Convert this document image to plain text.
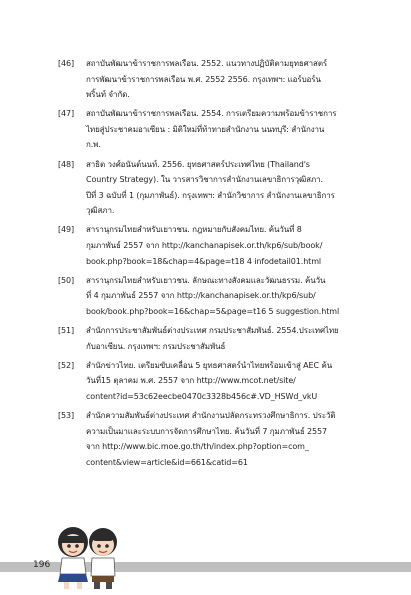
[46]	สถาบันพัฒนาข้าราชการพลเรือน. 2552. แนวทางปฏิบัติตามยุทธศาสตร์
การพัฒนาข้าราชการพลเรือน พ.ศ. 2552 2556. กรุงเทพฯ: แอร์บอร์น
พริ้นท์ จำกัด.
[47]	สถาบันพัฒนาข้าราชการพลเรือน. 2554. การเตรียมความพร้อมข้าราชการ
ไทยสู่ประชาคมอาเซียน : มิติใหม่ที่ท้าทายสำนักงาน นนทบุรี: สำนักงาน
ก.พ.
[48]	สาธิต วงศ์อนันต์นนท์. 2556. ยุทธศาสตร์ประเทศไทย (Thailand's
Country Strategy). ใน วารสารวิชาการสำนักงานเลขาธิการวุฒิสภา.
ปีที่ 3 ฉบับที่ 1 (กุมภาพันธ์). กรุงเทพฯ: สำนักวิชาการ สำนักงานเลขาธิการ
วุฒิสภา.
[49]	สารานุกรมไทยสำหรับเยาวชน. กฎหมายกับสังคมไทย. ค้นวันที่ 8
กุมภาพันธ์ 2557 จาก http://kanchanapisek.or.th/kp6/sub/book/
book.php?book=18&chap=4&page=t18 4 infodetail01.html
[50]	สารานุกรมไทยสำหรับเยาวชน. ลักษณะทางสังคมและวัฒนธรรม. ค้นวัน
ที่ 4 กุมภาพันธ์ 2557 จาก http://kanchanapisek.or.th/kp6/sub/
book/book.php?book=16&chap=5&page=t16 5 suggestion.html
[51]	สำนักการประชาสัมพันธ์ต่างประเทศ กรมประชาสัมพันธ์. 2554.ประเทศไทย
กับอาเซียน. กรุงเทพฯ: กรมประชาสัมพันธ์
[52]	สำนักข่าวไทย. เตรียมขับเคลื่อน 5 ยุทธศาสตร์นำไทยพร้อมเข้าสู่ AEC ค้น
วันที่15 ตุลาคม พ.ศ. 2557 จาก http://www.mcot.net/site/
content?id=53c62eecbe0470c3328b456c#.VD_HSWd_vkU
[53]	สำนักความสัมพันธ์ต่างประเทศ สำนักงานปลัดกระทรวงศึกษาธิการ. ประวัติ
ความเป็นมาและระบบการจัดการศึกษาไทย. ค้นวันที่ 7 กุมภาพันธ์ 2557
จาก http://www.bic.moe.go.th/th/index.php?option=com_
content&view=article&id=661&catid=61
196
